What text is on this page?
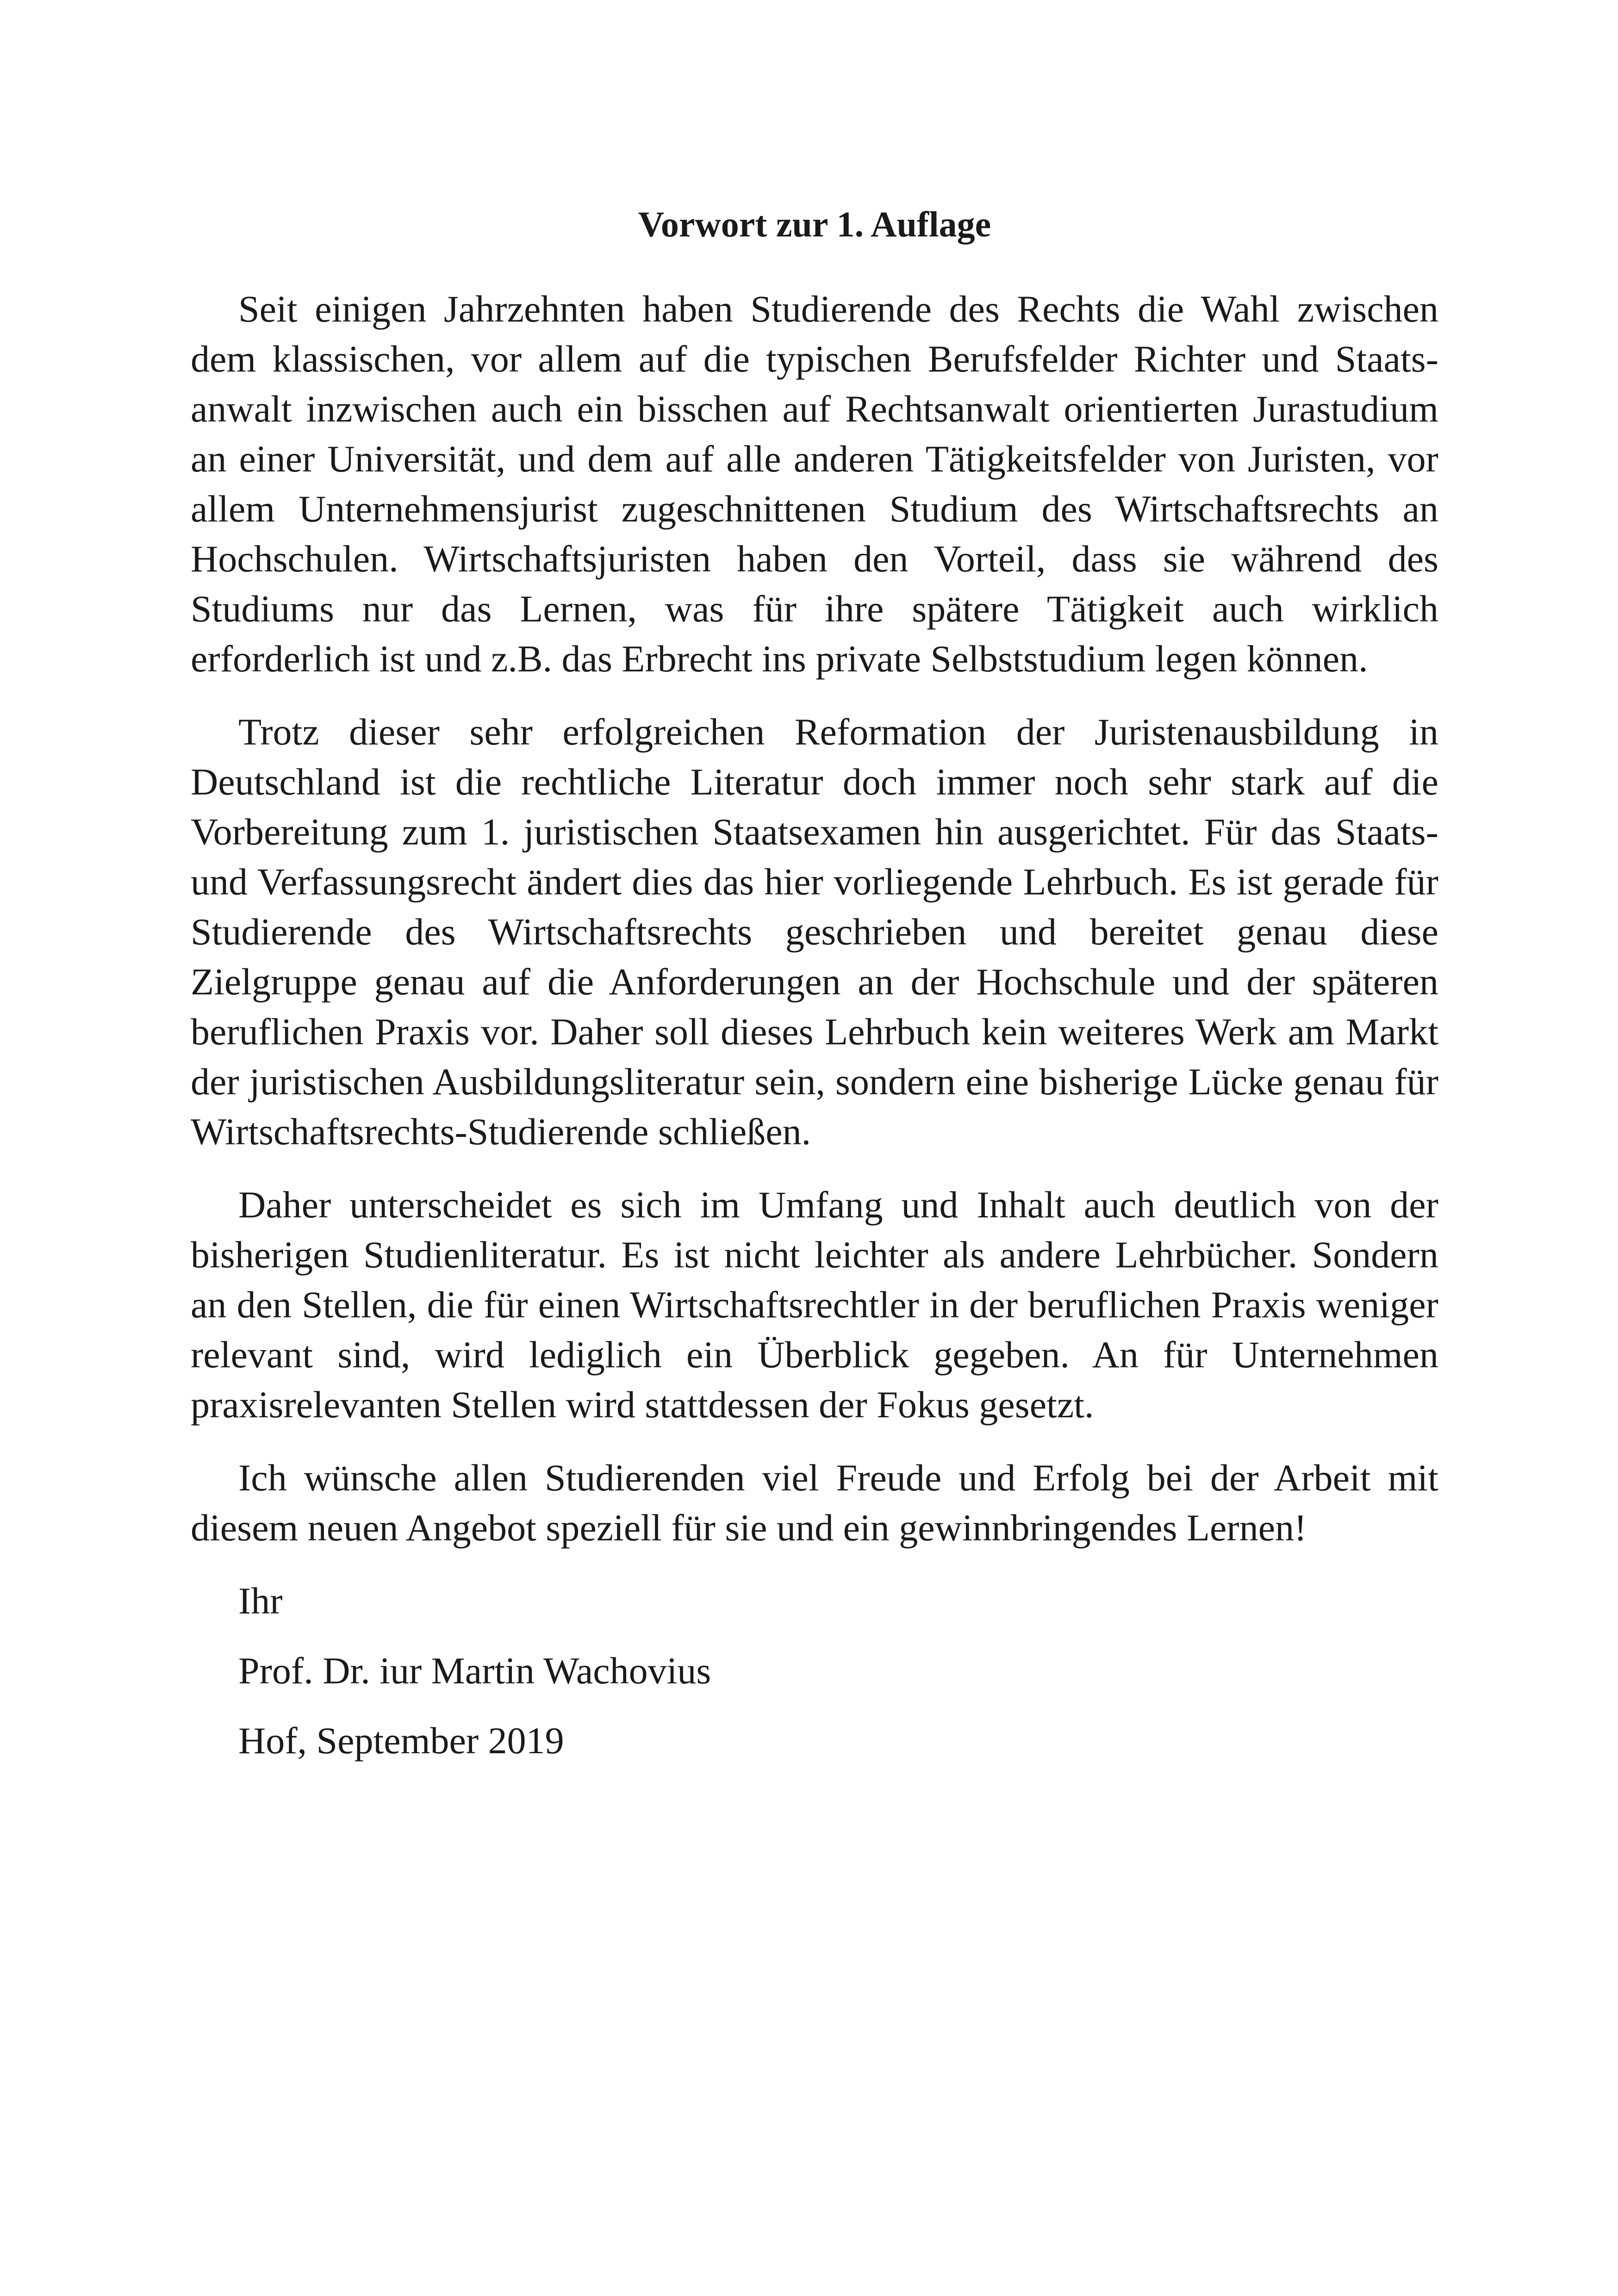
Vorwort zur 1. Auflage

Seit einigen Jahrzehnten haben Studierende des Rechts die Wahl zwischen dem klassischen, vor allem auf die typischen Berufsfelder Richter und Staatsanwalt inzwischen auch ein bisschen auf Rechtsanwalt orientierten Jurastudium an einer Universität, und dem auf alle anderen Tätigkeitsfelder von Juristen, vor allem Unternehmensjurist zugeschnittenen Studium des Wirtschaftsrechts an Hochschulen. Wirtschaftsjuristen haben den Vorteil, dass sie während des Studiums nur das Lernen, was für ihre spätere Tätigkeit auch wirklich erforderlich ist und z.B. das Erbrecht ins private Selbststudium legen können.

Trotz dieser sehr erfolgreichen Reformation der Juristenausbildung in Deutschland ist die rechtliche Literatur doch immer noch sehr stark auf die Vorbereitung zum 1. juristischen Staatsexamen hin ausgerichtet. Für das Staats- und Verfassungsrecht ändert dies das hier vorliegende Lehrbuch. Es ist gerade für Studierende des Wirtschaftsrechts geschrieben und bereitet genau diese Zielgruppe genau auf die Anforderungen an der Hochschule und der späteren beruflichen Praxis vor. Daher soll dieses Lehrbuch kein weiteres Werk am Markt der juristischen Ausbildungsliteratur sein, sondern eine bisherige Lücke genau für Wirtschaftsrechts-Studierende schließen.

Daher unterscheidet es sich im Umfang und Inhalt auch deutlich von der bisherigen Studienliteratur. Es ist nicht leichter als andere Lehrbücher. Sondern an den Stellen, die für einen Wirtschaftsrechtler in der beruflichen Praxis weniger relevant sind, wird lediglich ein Überblick gegeben. An für Unternehmen praxisrelevanten Stellen wird stattdessen der Fokus gesetzt.

Ich wünsche allen Studierenden viel Freude und Erfolg bei der Arbeit mit diesem neuen Angebot speziell für sie und ein gewinnbringendes Lernen!

Ihr

Prof. Dr. iur Martin Wachovius

Hof, September 2019
